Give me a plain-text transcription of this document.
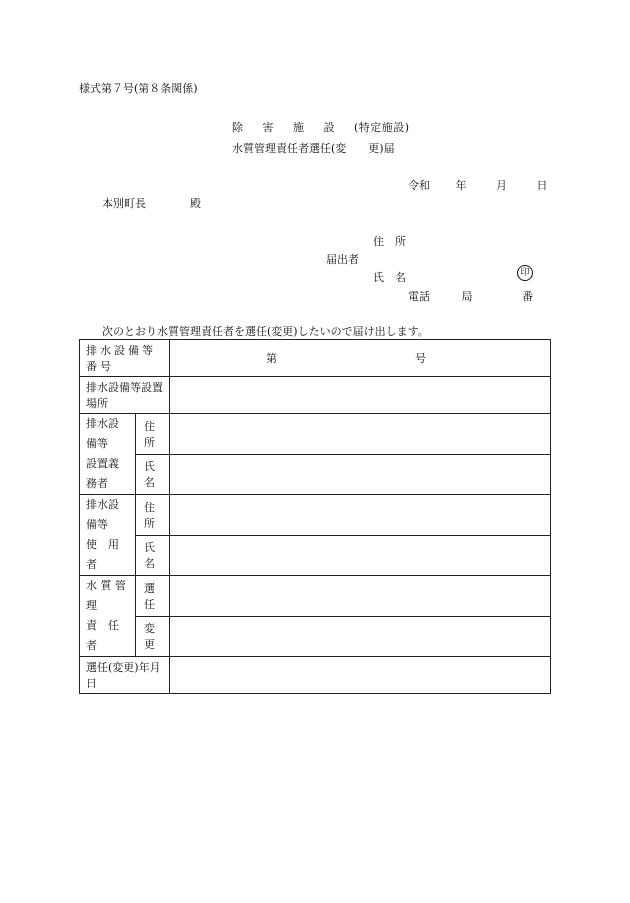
様式第７号(第８条関係)
除 害 施 設 (特定施設)
水質管理責任者選任(変　　更)届
令和 年	月	日
本別町長	殿
住　所
届出者
氏　名	印
電話	局	番
次のとおり水質管理責任者を選任(変更)したいので届け出します。
排水設備等番号		第 号
排水設備等設置場所		

排水設備等
設置義務者	住　所	
	氏　名	

排水設備等
使　用　者	住　所	
	氏　名	

水 質 管 理
責　任　者	選　任	
	変　更	
選任(変更)年月日		
